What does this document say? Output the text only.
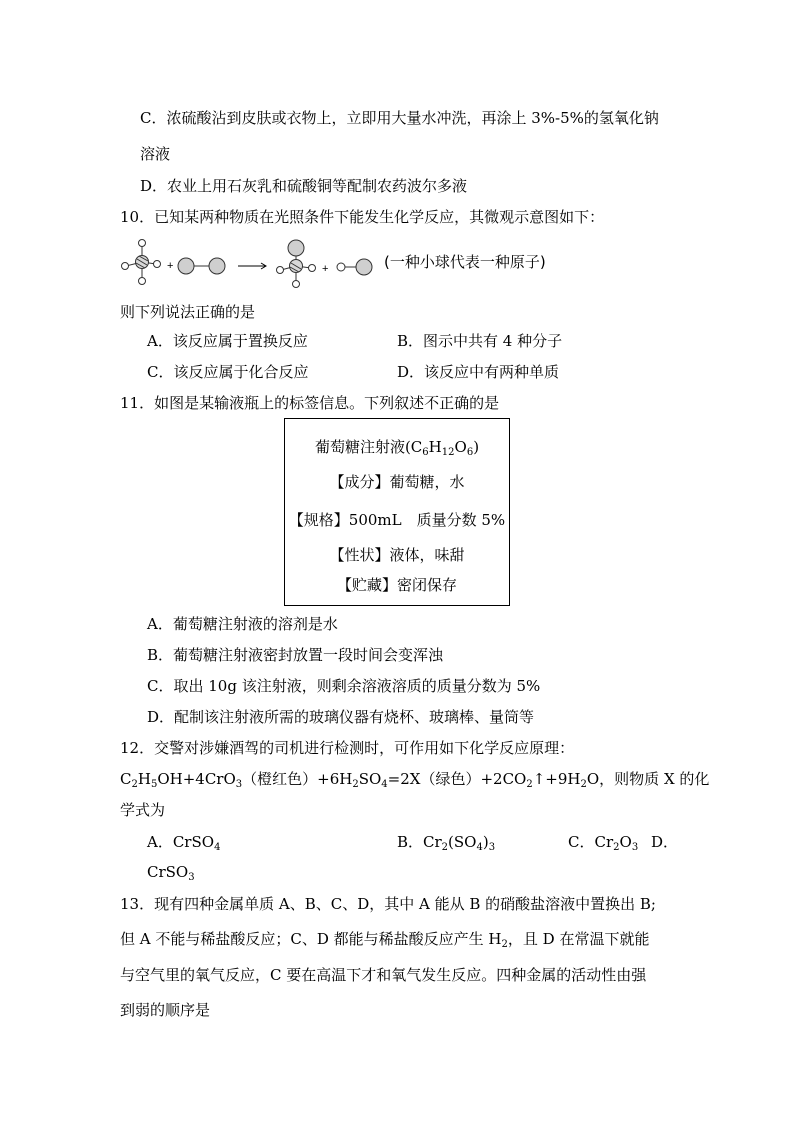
C．浓硫酸沾到皮肤或衣物上，立即用大量水冲洗，再涂上 3%-5%的氢氧化钠
溶液
D．农业上用石灰乳和硫酸铜等配制农药波尔多液
10．已知某两种物质在光照条件下能发生化学反应，其微观示意图如下：
+	+	(一种小球代表一种原子)
则下列说法正确的是
A．该反应属于置换反应	B．图示中共有 4 种分子
C．该反应属于化合反应	D．该反应中有两种单质
11．如图是某输液瓶上的标签信息。下列叙述不正确的是
葡萄糖注射液$(C_6H_{12}O_6)$
【成分】葡萄糖，水
【规格】500mL　质量分数 5%
【性状】液体，味甜
【贮藏】密闭保存
A．葡萄糖注射液的溶剂是水
B．葡萄糖注射液密封放置一段时间会变浑浊
C．取出 10g 该注射液，则剩余溶液溶质的质量分数为 5%
D．配制该注射液所需的玻璃仪器有烧杯、玻璃棒、量筒等
12．交警对涉嫌酒驾的司机进行检测时，可作用如下化学反应原理：
$C_2H_5OH+4CrO_3$（橙红色）$+6H_2SO_4=2X$（绿色）$+2CO_2↑+9H_2O$，则物质 X 的化
学式为
A．CrSO$_4$	B．$Cr_2(SO_4)_3$	C．$Cr_2O_3$ D．
CrSO$_3$
13．现有四种金属单质 A、B、C、D，其中 A 能从 B 的硝酸盐溶液中置换出 B;
但 A 不能与稀盐酸反应；C、D 都能与稀盐酸反应产生 $H_2$，且 D 在常温下就能
与空气里的氧气反应，C 要在高温下才和氧气发生反应。四种金属的活动性由强
到弱的顺序是
